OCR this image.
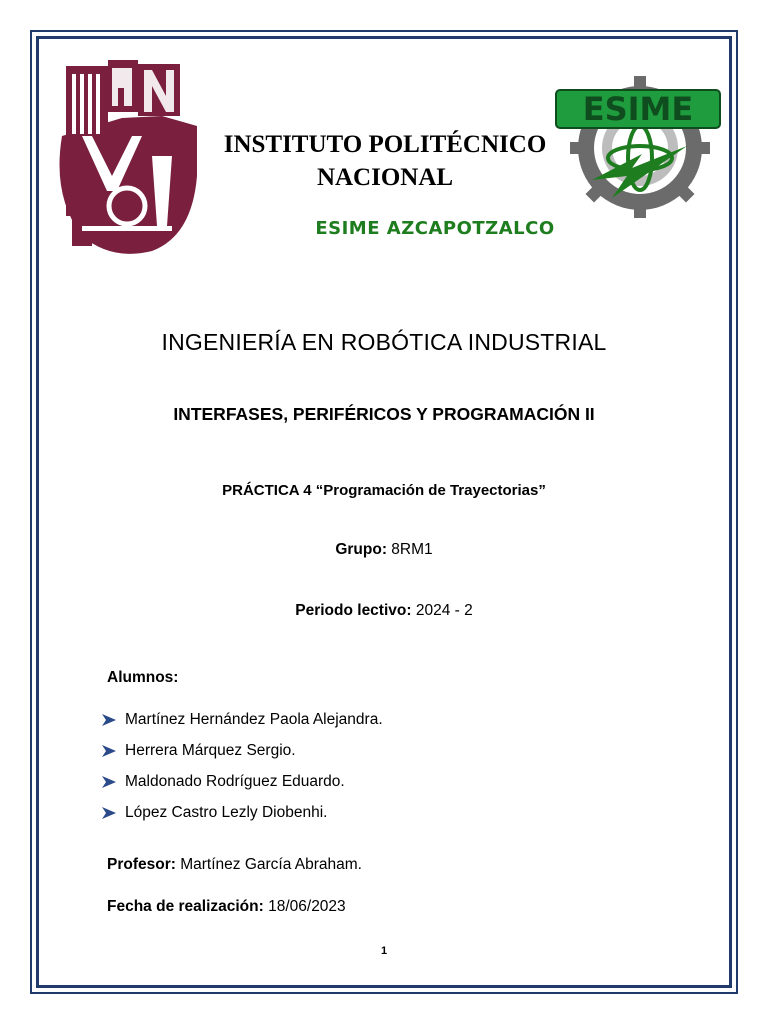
ESIME
INSTITUTO POLITÉCNICO
NACIONAL
ESIME AZCAPOTZALCO
INGENIERÍA EN ROBÓTICA INDUSTRIAL
INTERFASES, PERIFÉRICOS Y PROGRAMACIÓN II
PRÁCTICA 4 “Programación de Trayectorias”
Grupo: 8RM1
Periodo lectivo: 2024 - 2
Alumnos:
Martínez Hernández Paola Alejandra.
Herrera Márquez Sergio.
Maldonado Rodríguez Eduardo.
López Castro Lezly Diobenhi.
Profesor: Martínez García Abraham.
Fecha de realización: 18/06/2023
1
